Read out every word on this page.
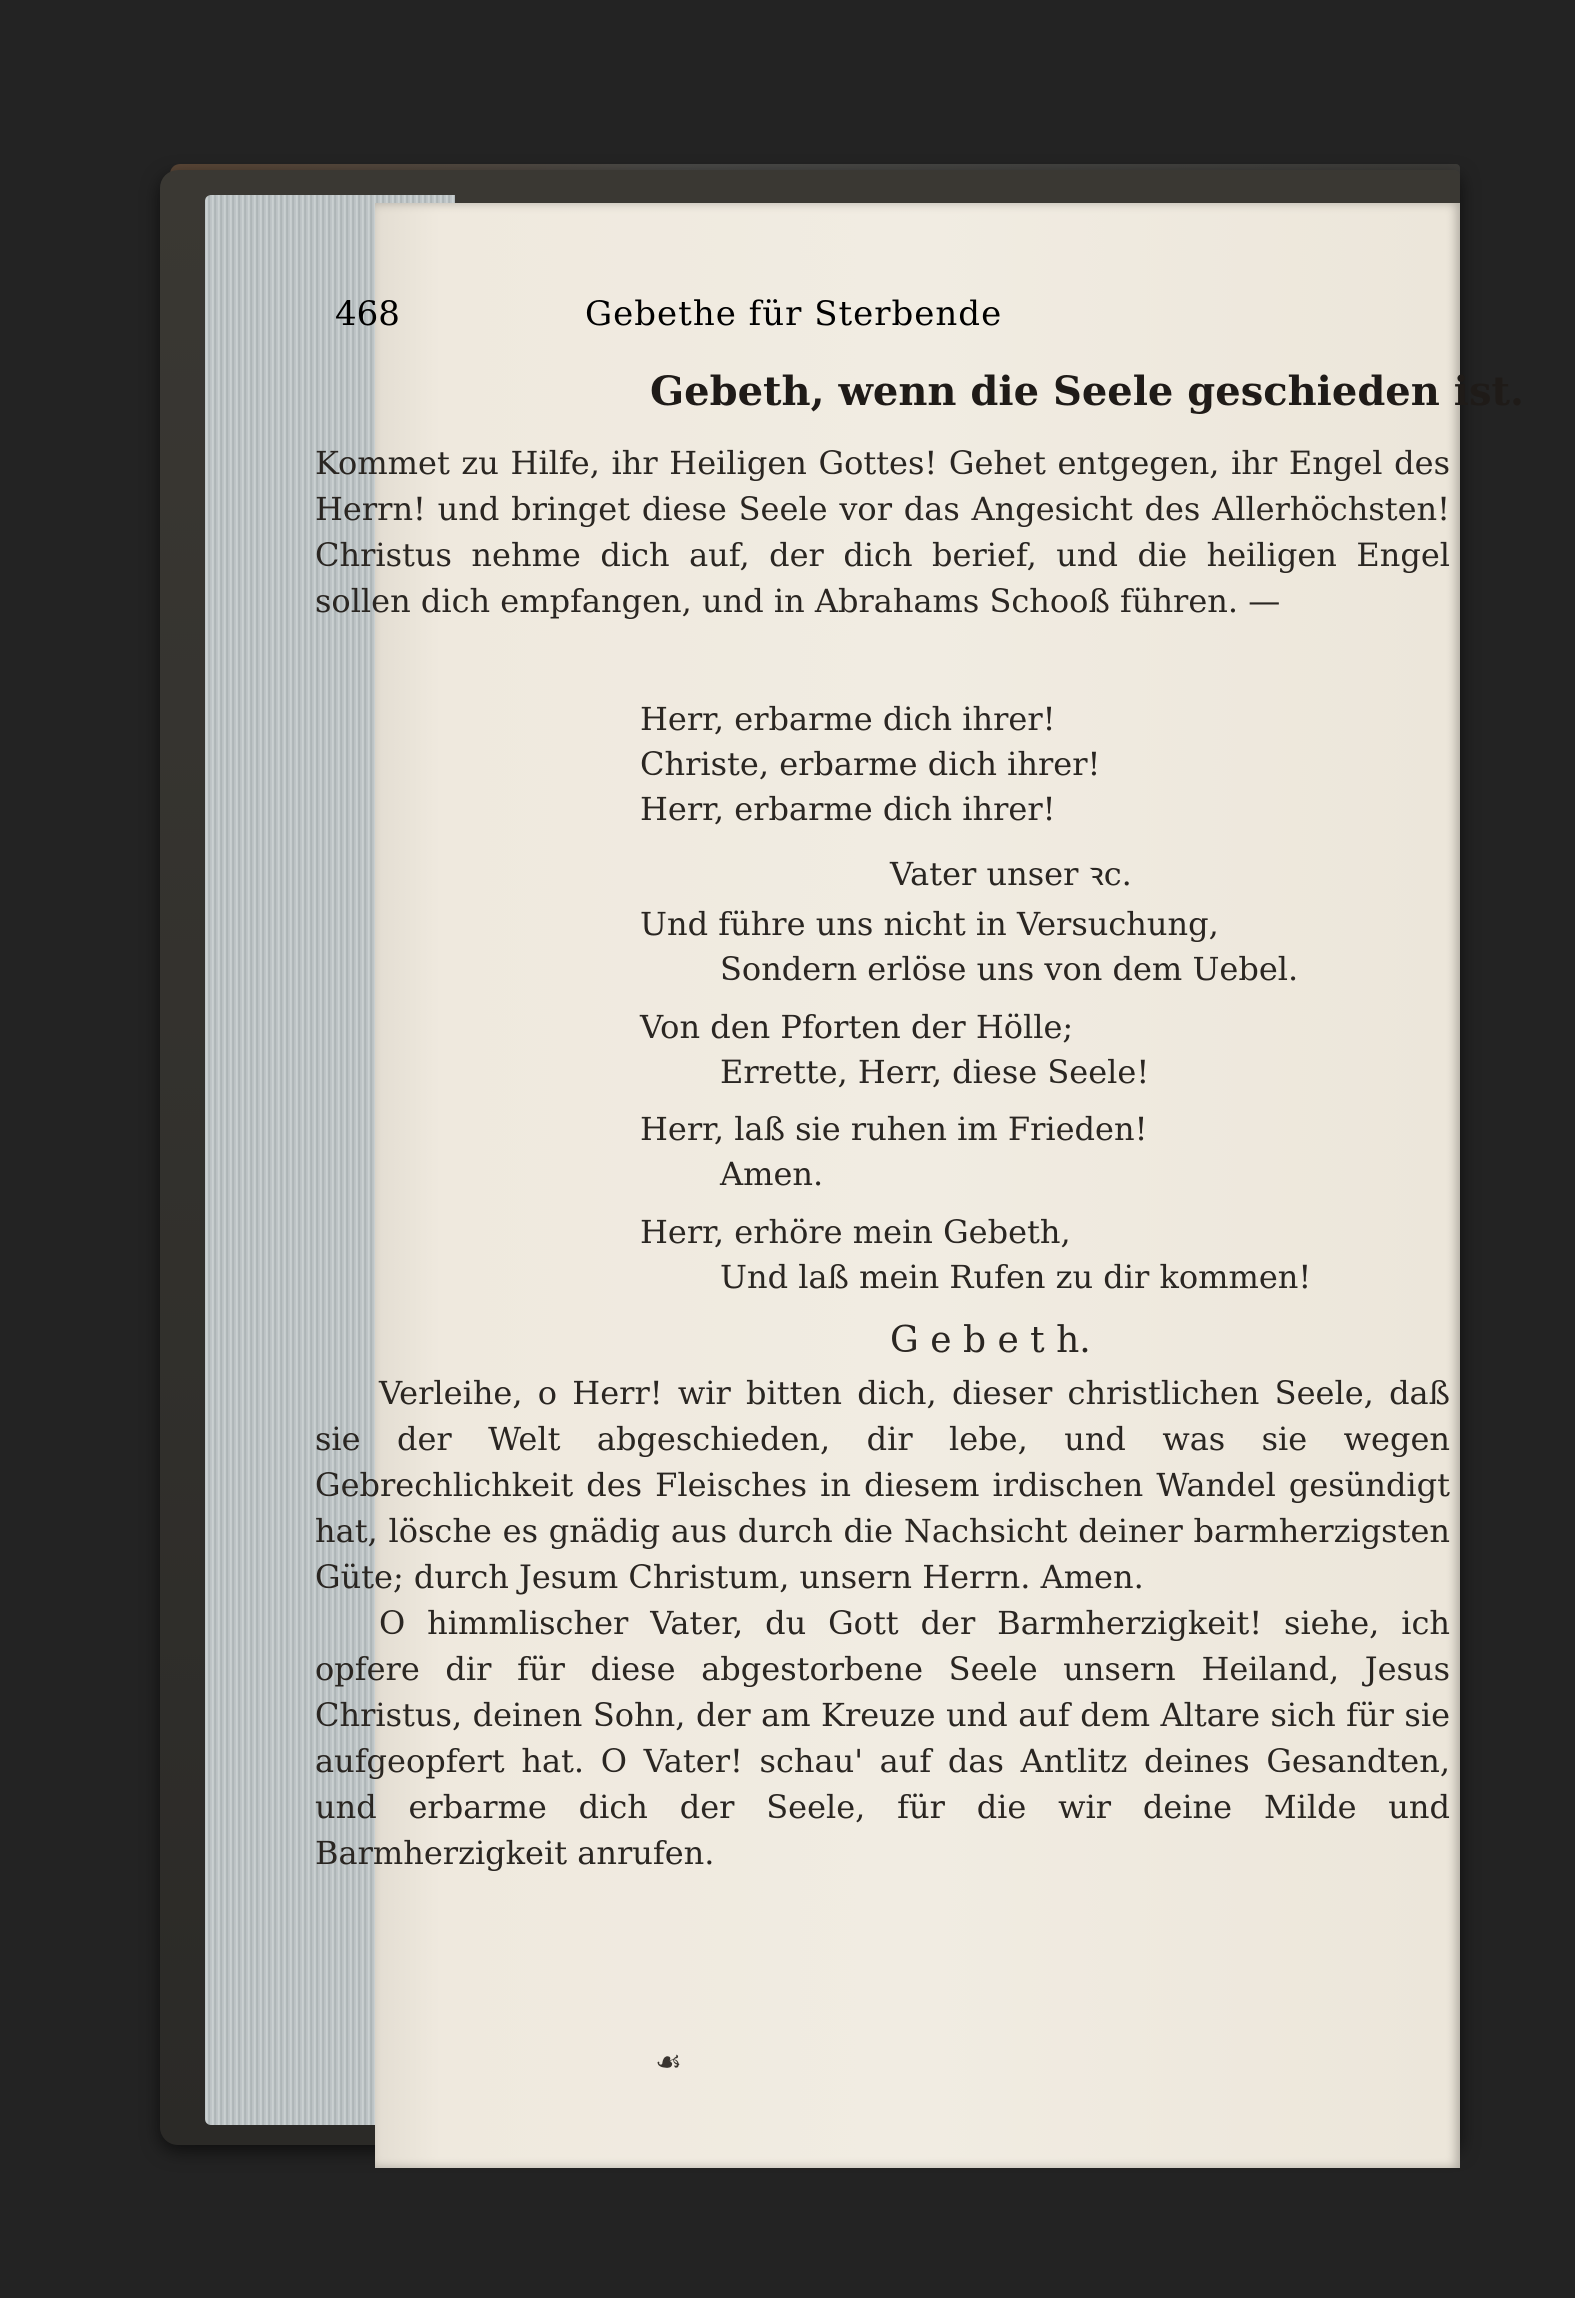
468	Gebethe für Sterbende
Gebeth, wenn die Seele geschieden ist.
Kommet zu Hilfe, ihr Heiligen Gottes! Gehet entgegen, ihr Engel des Herrn! und bringet diese Seele vor das Angesicht des Allerhöchsten! Christus nehme dich auf, der dich berief, und die heiligen Engel sollen dich empfangen, und in Abrahams Schooß führen. —
Herr, erbarme dich ihrer!
Christe, erbarme dich ihrer!
Herr, erbarme dich ihrer!
Vater unser ꝛc.
Und führe uns nicht in Versuchung,
Sondern erlöse uns von dem Uebel.
Von den Pforten der Hölle;
Errette, Herr, diese Seele!
Herr, laß sie ruhen im Frieden!
Amen.
Herr, erhöre mein Gebeth,
Und laß mein Rufen zu dir kommen!
G e b e t h.
Verleihe, o Herr! wir bitten dich, dieser christlichen Seele, daß sie der Welt abgeschieden, dir lebe, und was sie wegen Gebrechlichkeit des Fleisches in diesem irdischen Wandel gesündigt hat, lösche es gnädig aus durch die Nachsicht deiner barmherzigsten Güte; durch Jesum Christum, unsern Herrn. Amen.
O himmlischer Vater, du Gott der Barmherzigkeit! siehe, ich opfere dir für diese abgestorbene Seele unsern Heiland, Jesus Christus, deinen Sohn, der am Kreuze und auf dem Altare sich für sie aufgeopfert hat. O Vater! schau' auf das Antlitz deines Gesandten, und erbarme dich der Seele, für die wir deine Milde und Barmherzigkeit anrufen.
☙
